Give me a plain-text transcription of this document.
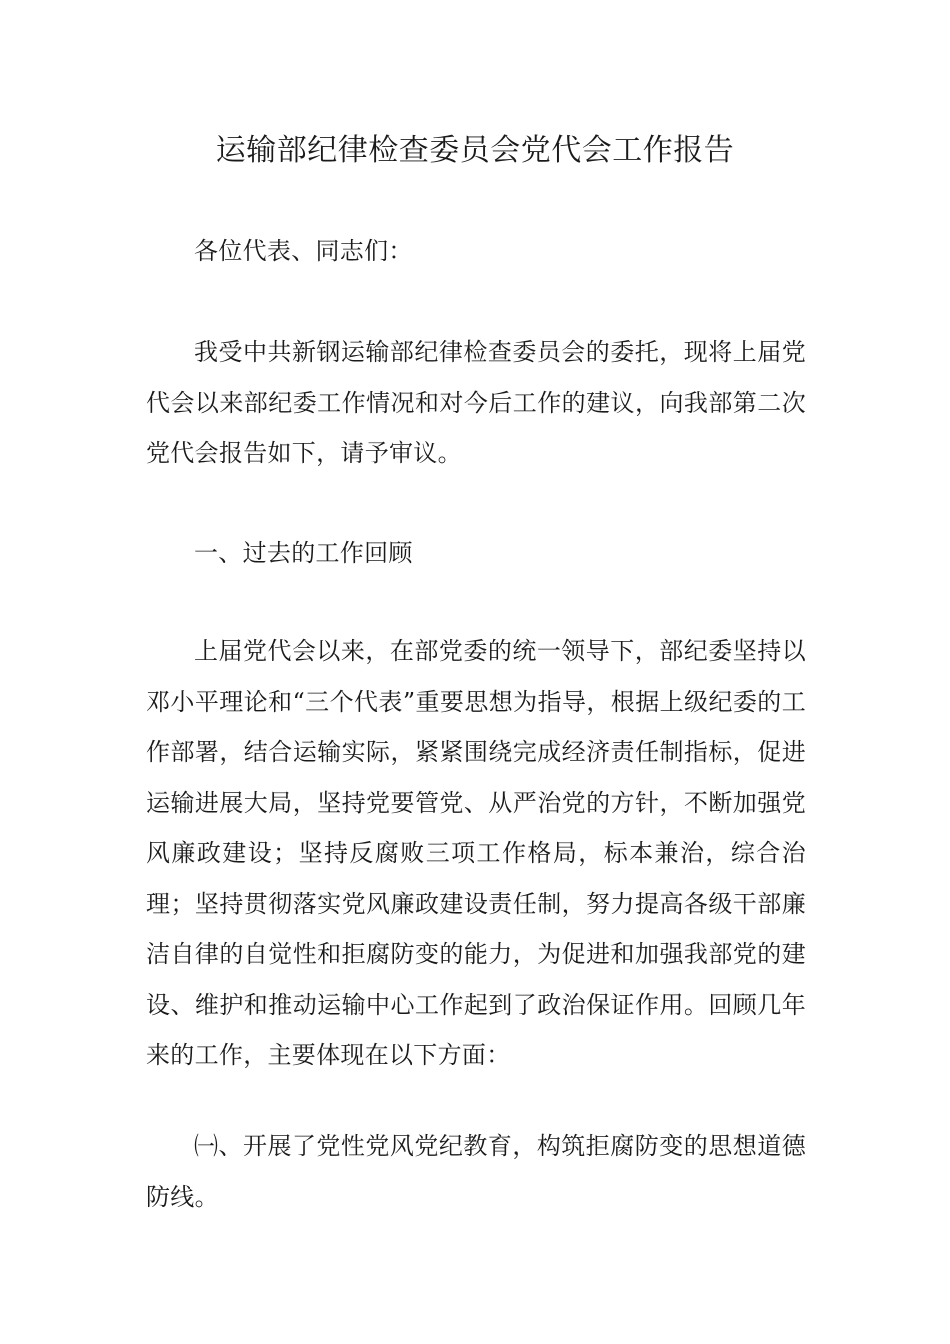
运输部纪律检查委员会党代会工作报告

各位代表、同志们：

我受中共新钢运输部纪律检查委员会的委托，现将上届党代会以来部纪委工作情况和对今后工作的建议，向我部第二次党代会报告如下，请予审议。

一、过去的工作回顾

上届党代会以来，在部党委的统一领导下，部纪委坚持以邓小平理论和“三个代表”重要思想为指导，根据上级纪委的工作部署，结合运输实际，紧紧围绕完成经济责任制指标，促进运输进展大局，坚持党要管党、从严治党的方针，不断加强党风廉政建设；坚持反腐败三项工作格局，标本兼治，综合治理；坚持贯彻落实党风廉政建设责任制，努力提高各级干部廉洁自律的自觉性和拒腐防变的能力，为促进和加强我部党的建设、维护和推动运输中心工作起到了政治保证作用。回顾几年来的工作，主要体现在以下方面：

㈠、开展了党性党风党纪教育，构筑拒腐防变的思想道德防线。
